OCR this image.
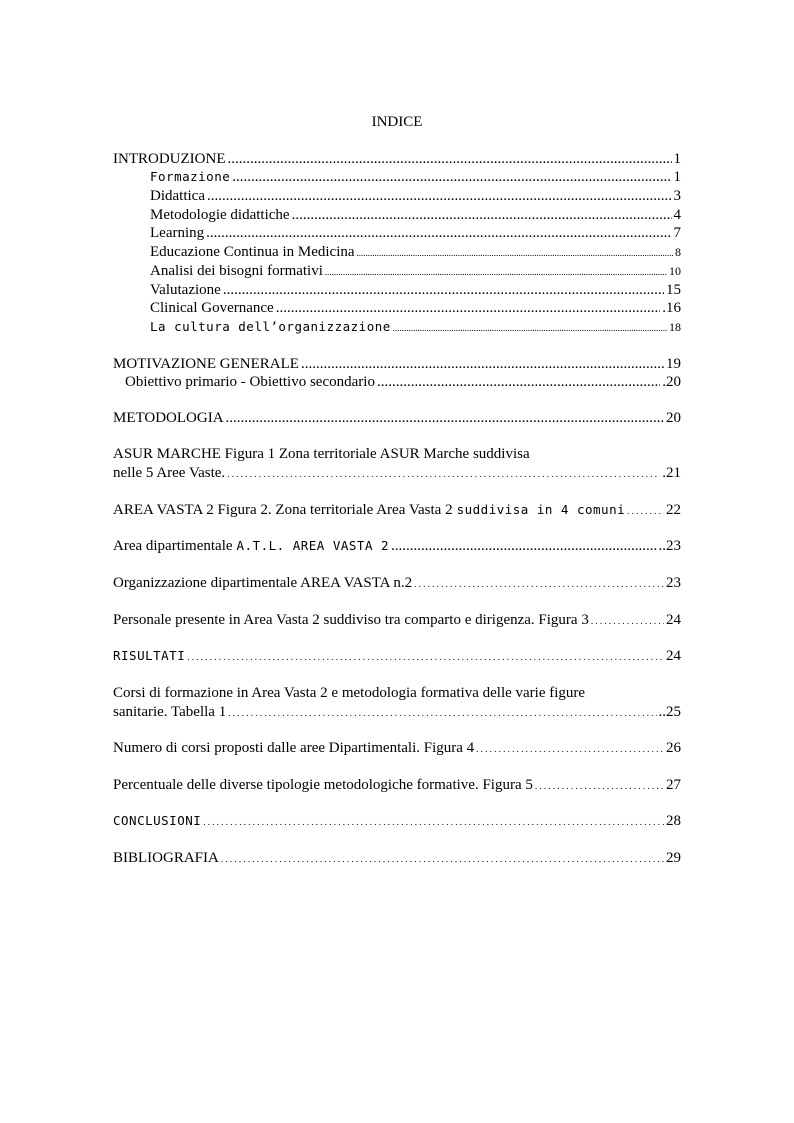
INDICE
INTRODUZIONE .....	1
Formazione .....	1
Didattica .....	3
Metodologie didattiche .....	4
Learning .....	7
Educazione Continua in Medicina .....	8
Analisi dei bisogni formativi .....	10
Valutazione .....	15
Clinical Governance .....	.16
La cultura dell’organizzazione .....	18
MOTIVAZIONE GENERALE .....	19
Obiettivo primario - Obiettivo secondario .....	.20
METODOLOGIA .....	20
ASUR MARCHE Figura 1 Zona territoriale ASUR Marche suddivisa
nelle 5 Aree Vaste. . . .	.21
AREA VASTA 2 Figura 2. Zona territoriale Area Vasta 2 suddivisa in 4 comuni . . .	22
Area dipartimentale A.T.L. AREA VASTA 2 .....	..23
Organizzazione dipartimentale AREA VASTA n.2 . . .	23
Personale presente in Area Vasta 2 suddiviso tra comparto e dirigenza. Figura 3 . . .	24
RISULTATI . . .	24
Corsi di formazione in Area Vasta 2 e metodologia formativa delle varie figure
sanitarie. Tabella 1 . . .	..25
Numero di corsi proposti dalle aree Dipartimentali. Figura 4 . . .	26
Percentuale delle diverse tipologie metodologiche formative. Figura 5 . . .	27
CONCLUSIONI . . .	28
BIBLIOGRAFIA . . .	29
